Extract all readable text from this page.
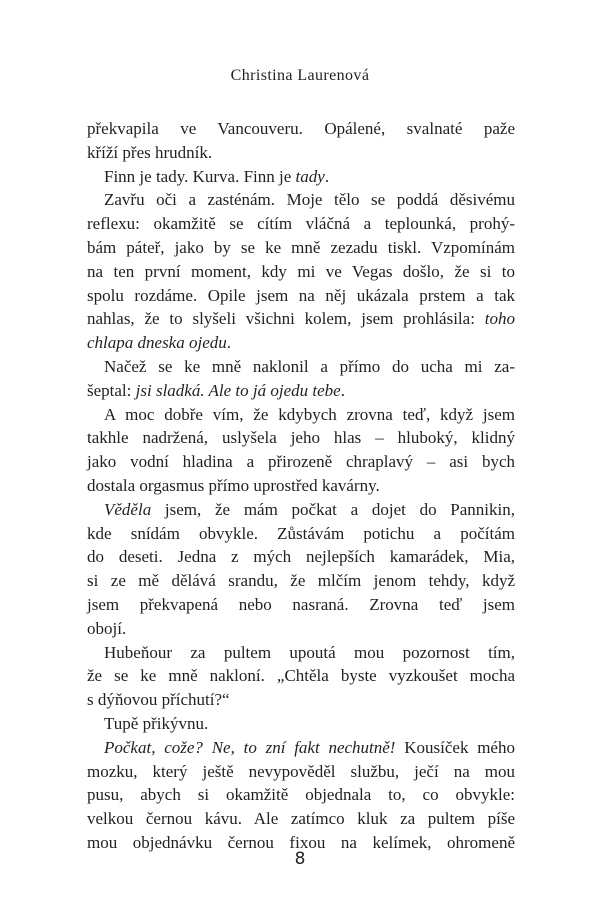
Christina Laurenová
překvapila ve Vancouveru. Opálené, svalnaté paže
kříží přes hrudník.
Finn je tady. Kurva. Finn je tady.
Zavřu oči a zasténám. Moje tělo se poddá děsivému
reflexu: okamžitě se cítím vláčná a teplounká, prohý-
bám páteř, jako by se ke mně zezadu tiskl. Vzpomínám
na ten první moment, kdy mi ve Vegas došlo, že si to
spolu rozdáme. Opile jsem na něj ukázala prstem a tak
nahlas, že to slyšeli všichni kolem, jsem prohlásila: toho
chlapa dneska ojedu.
Načež se ke mně naklonil a přímo do ucha mi za-
šeptal: jsi sladká. Ale to já ojedu tebe.
A moc dobře vím, že kdybych zrovna teď, když jsem
takhle nadržená, uslyšela jeho hlas – hluboký, klidný
jako vodní hladina a přirozeně chraplavý – asi bych
dostala orgasmus přímo uprostřed kavárny.
Věděla jsem, že mám počkat a dojet do Pannikin,
kde snídám obvykle. Zůstávám potichu a počítám
do deseti. Jedna z mých nejlepších kamarádek, Mia,
si ze mě dělává srandu, že mlčím jenom tehdy, když
jsem překvapená nebo nasraná. Zrovna teď jsem
obojí.
Hubeňour za pultem upoutá mou pozornost tím,
že se ke mně nakloní. „Chtěla byste vyzkoušet mocha
s dýňovou příchutí?“
Tupě přikývnu.
Počkat, cože? Ne, to zní fakt nechutně! Kousíček mého
mozku, který ještě nevypověděl službu, ječí na mou
pusu, abych si okamžitě objednala to, co obvykle:
velkou černou kávu. Ale zatímco kluk za pultem píše
mou objednávku černou fixou na kelímek, ohromeně
8
